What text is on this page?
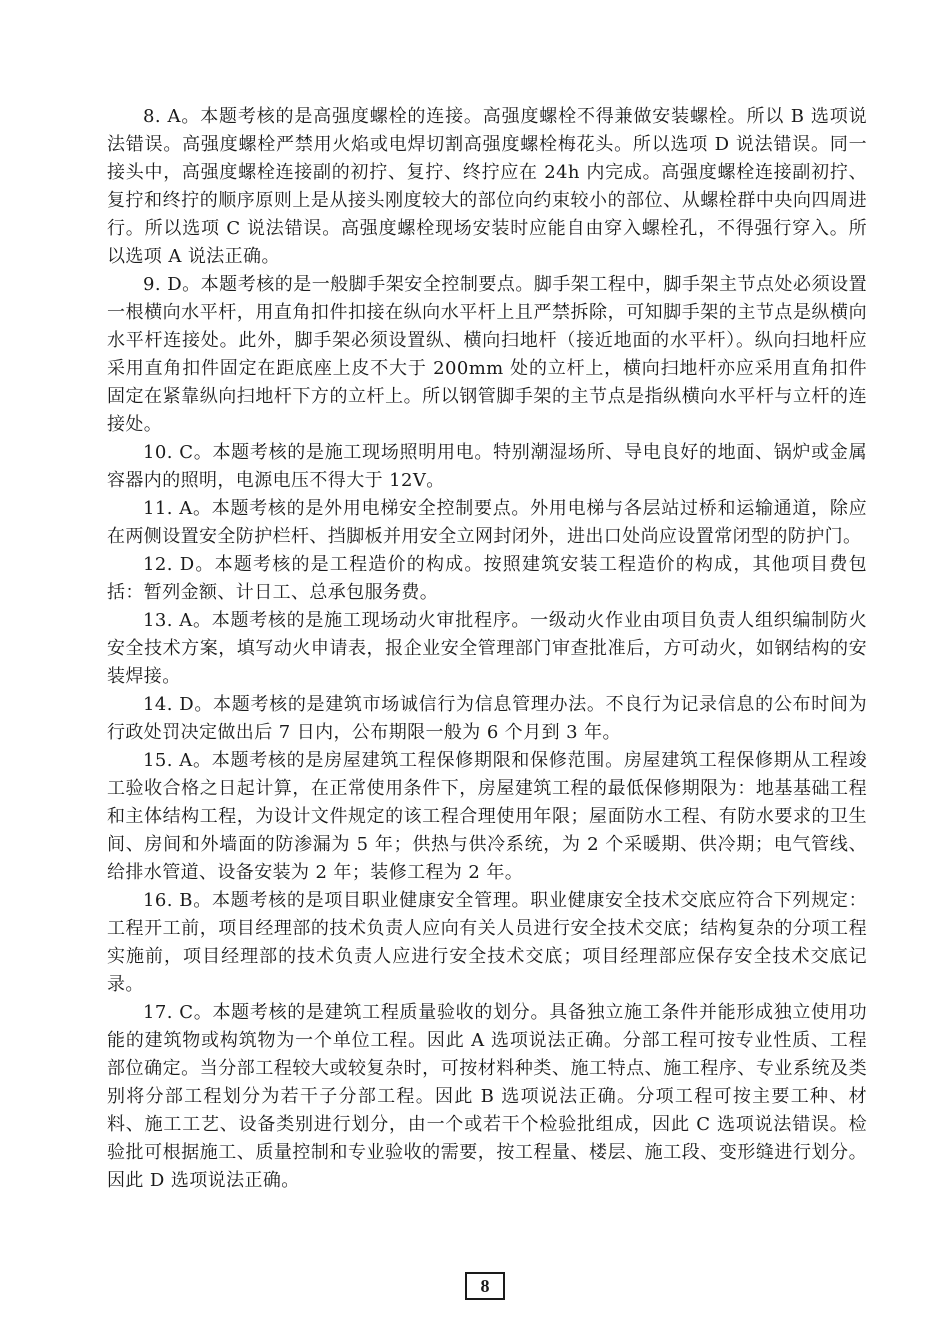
8. A。本题考核的是高强度螺栓的连接。高强度螺栓不得兼做安装螺栓。所以 B 选项说法错误。高强度螺栓严禁用火焰或电焊切割高强度螺栓梅花头。所以选项 D 说法错误。同一接头中，高强度螺栓连接副的初拧、复拧、终拧应在 24h 内完成。高强度螺栓连接副初拧、复拧和终拧的顺序原则上是从接头刚度较大的部位向约束较小的部位、从螺栓群中央向四周进行。所以选项 C 说法错误。高强度螺栓现场安装时应能自由穿入螺栓孔，不得强行穿入。所以选项 A 说法正确。

9. D。本题考核的是一般脚手架安全控制要点。脚手架工程中，脚手架主节点处必须设置一根横向水平杆，用直角扣件扣接在纵向水平杆上且严禁拆除，可知脚手架的主节点是纵横向水平杆连接处。此外，脚手架必须设置纵、横向扫地杆（接近地面的水平杆）。纵向扫地杆应采用直角扣件固定在距底座上皮不大于 200mm 处的立杆上，横向扫地杆亦应采用直角扣件固定在紧靠纵向扫地杆下方的立杆上。所以钢管脚手架的主节点是指纵横向水平杆与立杆的连接处。

10. C。本题考核的是施工现场照明用电。特别潮湿场所、导电良好的地面、锅炉或金属容器内的照明，电源电压不得大于 12V。

11. A。本题考核的是外用电梯安全控制要点。外用电梯与各层站过桥和运输通道，除应在两侧设置安全防护栏杆、挡脚板并用安全立网封闭外，进出口处尚应设置常闭型的防护门。

12. D。本题考核的是工程造价的构成。按照建筑安装工程造价的构成，其他项目费包括：暂列金额、计日工、总承包服务费。

13. A。本题考核的是施工现场动火审批程序。一级动火作业由项目负责人组织编制防火安全技术方案，填写动火申请表，报企业安全管理部门审查批准后，方可动火，如钢结构的安装焊接。

14. D。本题考核的是建筑市场诚信行为信息管理办法。不良行为记录信息的公布时间为行政处罚决定做出后 7 日内，公布期限一般为 6 个月到 3 年。

15. A。本题考核的是房屋建筑工程保修期限和保修范围。房屋建筑工程保修期从工程竣工验收合格之日起计算，在正常使用条件下，房屋建筑工程的最低保修期限为：地基基础工程和主体结构工程，为设计文件规定的该工程合理使用年限；屋面防水工程、有防水要求的卫生间、房间和外墙面的防渗漏为 5 年；供热与供冷系统，为 2 个采暖期、供冷期；电气管线、给排水管道、设备安装为 2 年；装修工程为 2 年。

16. B。本题考核的是项目职业健康安全管理。职业健康安全技术交底应符合下列规定：工程开工前，项目经理部的技术负责人应向有关人员进行安全技术交底；结构复杂的分项工程实施前，项目经理部的技术负责人应进行安全技术交底；项目经理部应保存安全技术交底记录。

17. C。本题考核的是建筑工程质量验收的划分。具备独立施工条件并能形成独立使用功能的建筑物或构筑物为一个单位工程。因此 A 选项说法正确。分部工程可按专业性质、工程部位确定。当分部工程较大或较复杂时，可按材料种类、施工特点、施工程序、专业系统及类别将分部工程划分为若干子分部工程。因此 B 选项说法正确。分项工程可按主要工种、材料、施工工艺、设备类别进行划分，由一个或若干个检验批组成，因此 C 选项说法错误。检验批可根据施工、质量控制和专业验收的需要，按工程量、楼层、施工段、变形缝进行划分。因此 D 选项说法正确。

8
